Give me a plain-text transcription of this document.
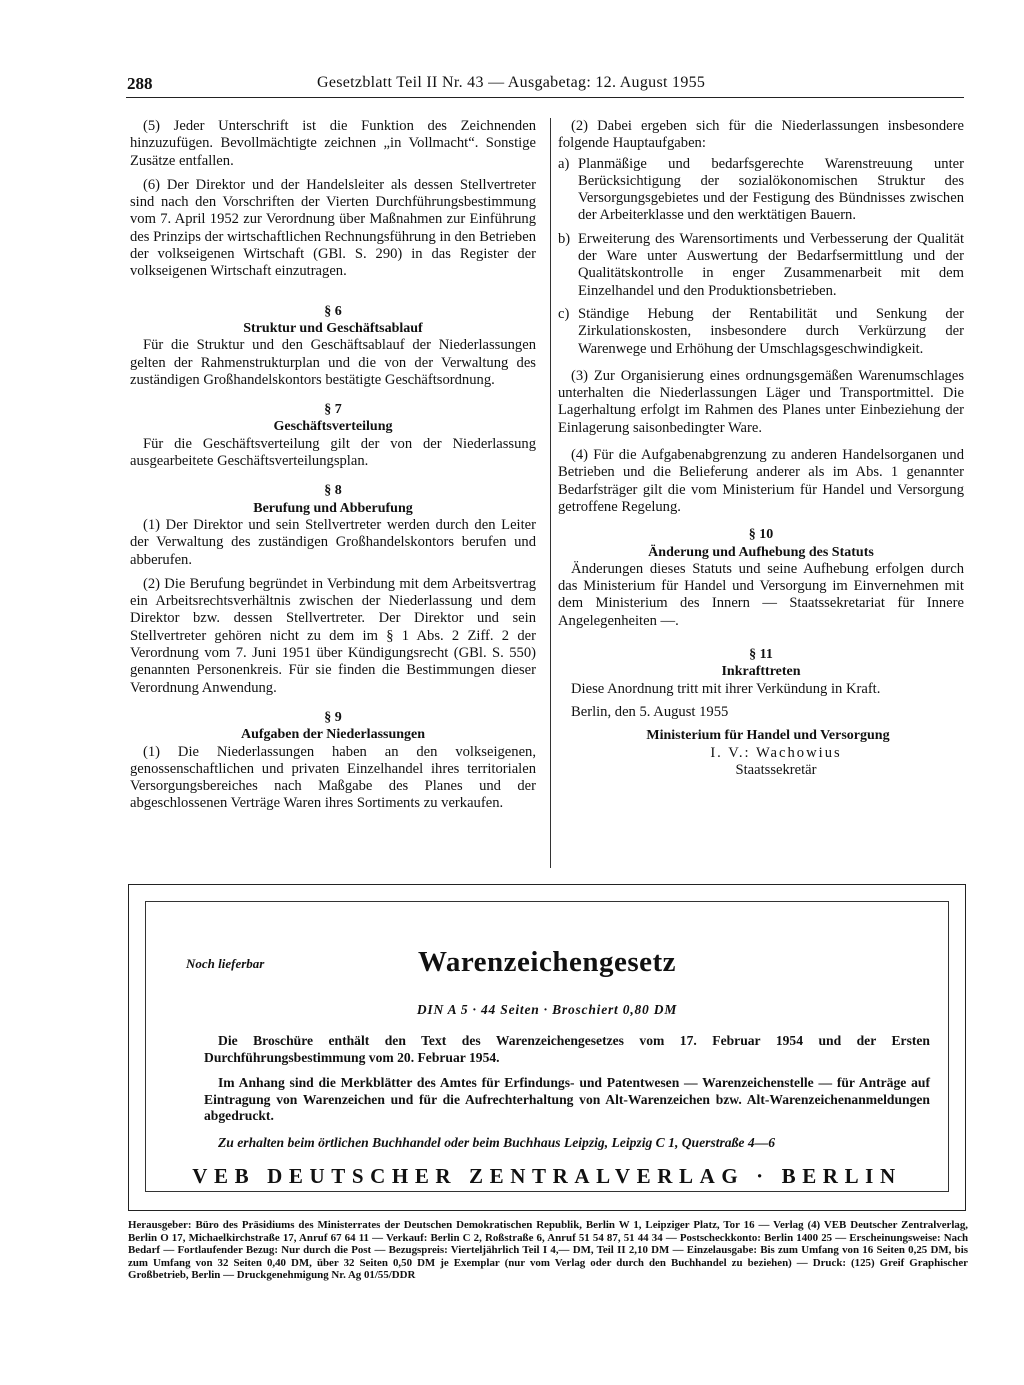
288	Gesetzblatt Teil II Nr. 43 — Ausgabetag: 12. August 1955

(5) Jeder Unterschrift ist die Funktion des Zeichnenden hinzuzufügen. Bevollmächtigte zeichnen „in Vollmacht“. Sonstige Zusätze entfallen.

(6) Der Direktor und der Handelsleiter als dessen Stellvertreter sind nach den Vorschriften der Vierten Durchführungsbestimmung vom 7. April 1952 zur Verordnung über Maßnahmen zur Einführung des Prinzips der wirtschaftlichen Rechnungsführung in den Betrieben der volkseigenen Wirtschaft (GBl. S. 290) in das Register der volkseigenen Wirtschaft einzutragen.

§ 6

Struktur und Geschäftsablauf

Für die Struktur und den Geschäftsablauf der Niederlassungen gelten der Rahmenstrukturplan und die von der Verwaltung des zuständigen Großhandelskontors bestätigte Geschäftsordnung.

§ 7

Geschäftsverteilung

Für die Geschäftsverteilung gilt der von der Niederlassung ausgearbeitete Geschäftsverteilungsplan.

§ 8

Berufung und Abberufung

(1) Der Direktor und sein Stellvertreter werden durch den Leiter der Verwaltung des zuständigen Großhandelskontors berufen und abberufen.

(2) Die Berufung begründet in Verbindung mit dem Arbeitsvertrag ein Arbeitsrechtsverhältnis zwischen der Niederlassung und dem Direktor bzw. dessen Stellvertreter. Der Direktor und sein Stellvertreter gehören nicht zu dem im § 1 Abs. 2 Ziff. 2 der Verordnung vom 7. Juni 1951 über Kündigungsrecht (GBl. S. 550) genannten Personenkreis. Für sie finden die Bestimmungen dieser Verordnung Anwendung.

§ 9

Aufgaben der Niederlassungen

(1) Die Niederlassungen haben an den volkseigenen, genossenschaftlichen und privaten Einzelhandel ihres territorialen Versorgungsbereiches nach Maßgabe des Planes und der abgeschlossenen Verträge Waren ihres Sortiments zu verkaufen.

(2) Dabei ergeben sich für die Niederlassungen insbesondere folgende Hauptaufgaben:

a) Planmäßige und bedarfsgerechte Warenstreuung unter Berücksichtigung der sozialökonomischen Struktur des Versorgungsgebietes und der Festigung des Bündnisses zwischen der Arbeiterklasse und den werktätigen Bauern.
b) Erweiterung des Warensortiments und Verbesserung der Qualität der Ware unter Auswertung der Bedarfsermittlung und der Qualitätskontrolle in enger Zusammenarbeit mit dem Einzelhandel und den Produktionsbetrieben.
c) Ständige Hebung der Rentabilität und Senkung der Zirkulationskosten, insbesondere durch Verkürzung der Warenwege und Erhöhung der Umschlagsgeschwindigkeit.

(3) Zur Organisierung eines ordnungsgemäßen Warenumschlages unterhalten die Niederlassungen Läger und Transportmittel. Die Lagerhaltung erfolgt im Rahmen des Planes unter Einbeziehung der Einlagerung saisonbedingter Ware.

(4) Für die Aufgabenabgrenzung zu anderen Handelsorganen und Betrieben und die Belieferung anderer als im Abs. 1 genannter Bedarfsträger gilt die vom Ministerium für Handel und Versorgung getroffene Regelung.

§ 10

Änderung und Aufhebung des Statuts

Änderungen dieses Statuts und seine Aufhebung erfolgen durch das Ministerium für Handel und Versorgung im Einvernehmen mit dem Ministerium des Innern — Staatssekretariat für Innere Angelegenheiten —.

§ 11

Inkrafttreten

Diese Anordnung tritt mit ihrer Verkündung in Kraft.

Berlin, den 5. August 1955

Ministerium für Handel und Versorgung

I. V.: Wachowius

Staatssekretär

Noch lieferbar	Warenzeichengesetz
DIN A 5 · 44 Seiten · Broschiert 0,80 DM

Die Broschüre enthält den Text des Warenzeichengesetzes vom 17. Februar 1954 und der Ersten Durchführungsbestimmung vom 20. Februar 1954.

Im Anhang sind die Merkblätter des Amtes für Erfindungs- und Patentwesen — Warenzeichenstelle — für Anträge auf Eintragung von Warenzeichen und für die Aufrechterhaltung von Alt-Warenzeichen bzw. Alt-Warenzeichenanmeldungen abgedruckt.

Zu erhalten beim örtlichen Buchhandel oder beim Buchhaus Leipzig, Leipzig C 1, Querstraße 4—6
VEB DEUTSCHER ZENTRALVERLAG · BERLIN

Herausgeber: Büro des Präsidiums des Ministerrates der Deutschen Demokratischen Republik, Berlin W 1, Leipziger Platz, Tor 16 — Verlag (4) VEB Deutscher Zentralverlag, Berlin O 17, Michaelkirchstraße 17, Anruf 67 64 11 — Verkauf: Berlin C 2, Roßstraße 6, Anruf 51 54 87, 51 44 34 — Postscheckkonto: Berlin 1400 25 — Erscheinungsweise: Nach Bedarf — Fortlaufender Bezug: Nur durch die Post — Bezugspreis: Vierteljährlich Teil I 4,— DM, Teil II 2,10 DM — Einzelausgabe: Bis zum Umfang von 16 Seiten 0,25 DM, bis zum Umfang von 32 Seiten 0,40 DM, über 32 Seiten 0,50 DM je Exemplar (nur vom Verlag oder durch den Buchhandel zu beziehen) — Druck: (125) Greif Graphischer Großbetrieb, Berlin — Druckgenehmigung Nr. Ag 01/55/DDR
